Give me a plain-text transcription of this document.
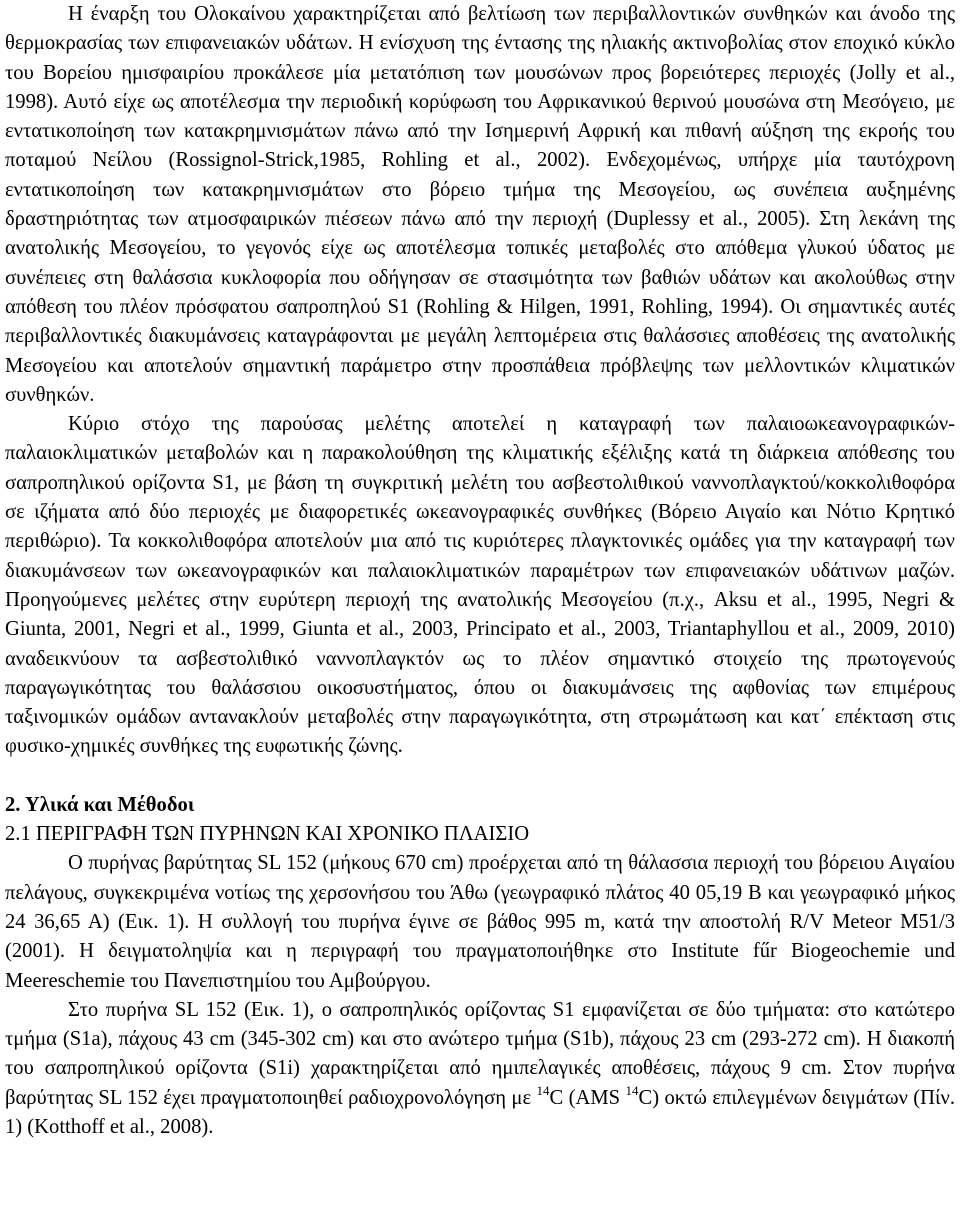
Η έναρξη του Ολοκαίνου χαρακτηρίζεται από βελτίωση των περιβαλλοντικών συνθηκών και άνοδο της θερμοκρασίας των επιφανειακών υδάτων. Η ενίσχυση της έντασης της ηλιακής ακτινοβολίας στον εποχικό κύκλο του Βορείου ημισφαιρίου προκάλεσε μία μετατόπιση των μουσώνων προς βορειότερες περιοχές (Jolly et al., 1998). Αυτό είχε ως αποτέλεσμα την περιοδική κορύφωση του Αφρικανικού θερινού μουσώνα στη Μεσόγειο, με εντατικοποίηση των κατακρημνισμάτων πάνω από την Ισημερινή Αφρική και πιθανή αύξηση της εκροής του ποταμού Νείλου (Rossignol-Strick,1985, Rohling et al., 2002). Ενδεχομένως, υπήρχε μία ταυτόχρονη εντατικοποίηση των κατακρημνισμάτων στο βόρειο τμήμα της Μεσογείου, ως συνέπεια αυξημένης δραστηριότητας των ατμοσφαιρικών πιέσεων πάνω από την περιοχή (Duplessy et al., 2005). Στη λεκάνη της ανατολικής Μεσογείου, το γεγονός είχε ως αποτέλεσμα τοπικές μεταβολές στο απόθεμα γλυκού ύδατος με συνέπειες στη θαλάσσια κυκλοφορία που οδήγησαν σε στασιμότητα των βαθιών υδάτων και ακολούθως στην απόθεση του πλέον πρόσφατου σαπροπηλού S1 (Rohling & Hilgen, 1991, Rohling, 1994). Οι σημαντικές αυτές περιβαλλοντικές διακυμάνσεις καταγράφονται με μεγάλη λεπτομέρεια στις θαλάσσιες αποθέσεις της ανατολικής Μεσογείου και αποτελούν σημαντική παράμετρο στην προσπάθεια πρόβλεψης των μελλοντικών κλιματικών συνθηκών.

Κύριο στόχο της παρούσας μελέτης αποτελεί η καταγραφή των παλαιοωκεανογραφικών-παλαιοκλιματικών μεταβολών και η παρακολούθηση της κλιματικής εξέλιξης κατά τη διάρκεια απόθεσης του σαπροπηλικού ορίζοντα S1, με βάση τη συγκριτική μελέτη του ασβεστολιθικού ναννοπλαγκτού/κοκκολιθοφόρα σε ιζήματα από δύο περιοχές με διαφορετικές ωκεανογραφικές συνθήκες (Βόρειο Αιγαίο και Νότιο Κρητικό περιθώριο). Τα κοκκολιθοφόρα αποτελούν μια από τις κυριότερες πλαγκτονικές ομάδες για την καταγραφή των διακυμάνσεων των ωκεανογραφικών και παλαιοκλιματικών παραμέτρων των επιφανειακών υδάτινων μαζών. Προηγούμενες μελέτες στην ευρύτερη περιοχή της ανατολικής Μεσογείου (π.χ., Aksu et al., 1995, Negri & Giunta, 2001, Negri et al., 1999, Giunta et al., 2003, Principato et al., 2003, Triantaphyllou et al., 2009, 2010) αναδεικνύουν τα ασβεστολιθικό ναννοπλαγκτόν ως το πλέον σημαντικό στοιχείο της πρωτογενούς παραγωγικότητας του θαλάσσιου οικοσυστήματος, όπου οι διακυμάνσεις της αφθονίας των επιμέρους ταξινομικών ομάδων αντανακλούν μεταβολές στην παραγωγικότητα, στη στρωμάτωση και κατ΄ επέκταση στις φυσικο-χημικές συνθήκες της ευφωτικής ζώνης.

2. Υλικά και Μέθοδοι

2.1 ΠΕΡΙΓΡΑΦΗ ΤΩΝ ΠΥΡΗΝΩΝ ΚΑΙ ΧΡΟΝΙΚΟ ΠΛΑΙΣΙΟ

Ο πυρήνας βαρύτητας SL 152 (μήκους 670 cm) προέρχεται από τη θάλασσια περιοχή του βόρειου Αιγαίου πελάγους, συγκεκριμένα νοτίως της χερσονήσου του Άθω (γεωγραφικό πλάτος 40 05,19 Β και γεωγραφικό μήκος 24 36,65 Α) (Εικ. 1). Η συλλογή του πυρήνα έγινε σε βάθος 995 m, κατά την αποστολή R/V Meteor M51/3 (2001). Η δειγματοληψία και η περιγραφή του πραγματοποιήθηκε στο Institute fűr Biogeochemie und Meereschemie του Πανεπιστημίου του Αμβούργου.

Στο πυρήνα SL 152 (Εικ. 1), ο σαπροπηλικός ορίζοντας S1 εμφανίζεται σε δύο τμήματα: στο κατώτερο τμήμα (S1a), πάχους 43 cm (345-302 cm) και στο ανώτερο τμήμα (S1b), πάχους 23 cm (293-272 cm). Η διακοπή του σαπροπηλικού ορίζοντα (S1i) χαρακτηρίζεται από ημιπελαγικές αποθέσεις, πάχους 9 cm. Στον πυρήνα βαρύτητας SL 152 έχει πραγματοποιηθεί ραδιοχρονολόγηση με $^{14}$C (AMS $^{14}$C) οκτώ επιλεγμένων δειγμάτων (Πίν. 1) (Kotthoff et al., 2008).
